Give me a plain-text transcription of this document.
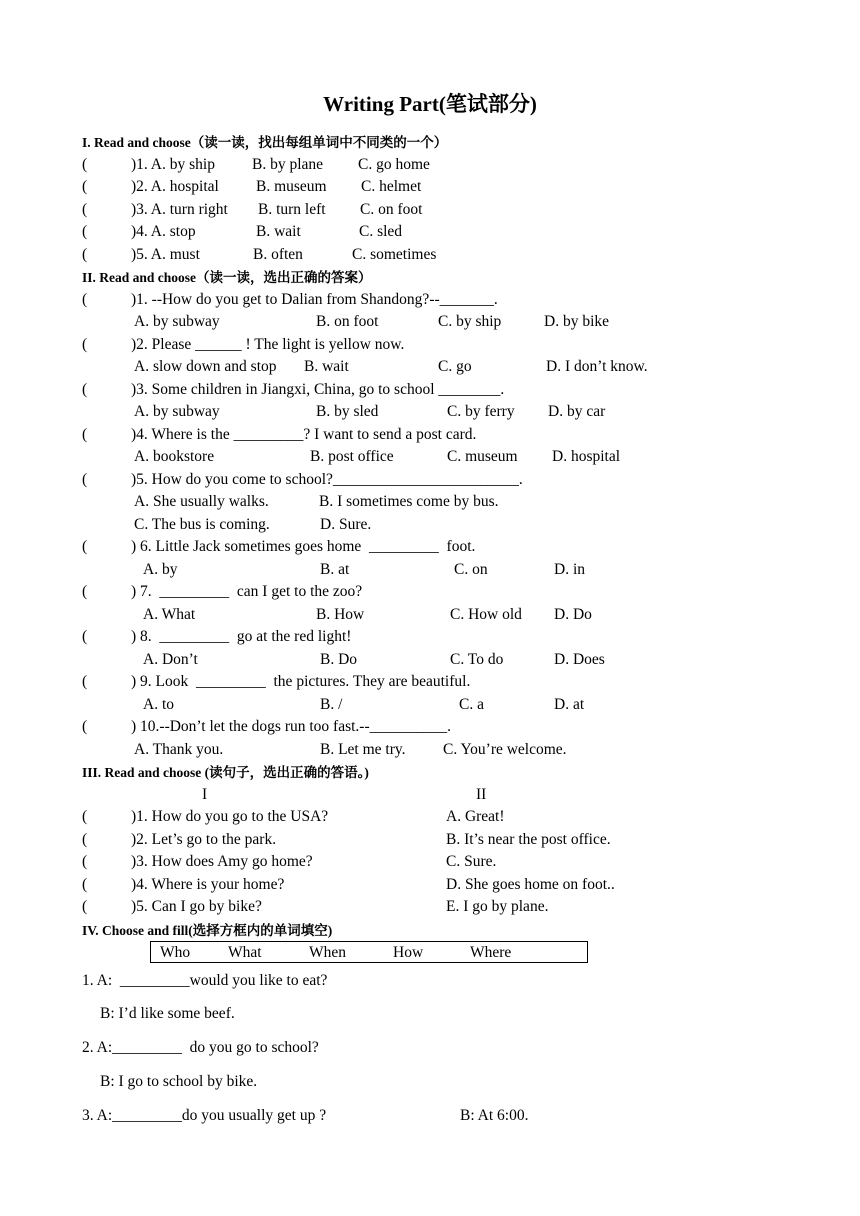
Writing Part(笔试部分)
I. Read and choose（读一读，找出每组单词中不同类的一个）
II. Read and choose（读一读，选出正确的答案）
III. Read and choose (读句子，选出正确的答语。)
IV. Choose and fill(选择方框内的单词填空)
Who What	When	How	Where
(	)1. A. by ship B. by plane C. go home
(	)2. A. hospital B. museum C. helmet
(	)3. A. turn right B. turn left C. on foot
(	)4. A. stop	B. wait	C. sled
(	)5. A. must	B. often	C. sometimes
(	)1. --How do you get to Dalian from Shandong?--_______.
A. by subway	B. on foot	C. by ship	D. by bike
(	)2. Please ______ ! The light is yellow now.
A. slow down and stop B. wait	C. go	D. I don’t know.
(	)3. Some children in Jiangxi, China, go to school ________.
A. by subway	B. by sled	C. by ferry D. by car
(	)4. Where is the _________? I want to send a post card.
A. bookstore	B. post office	C. museum D. hospital
(	)5. How do you come to school?________________________.
A. She usually walks.	B. I sometimes come by bus.
C. The bus is coming.	D. Sure.
(	) 6. Little Jack sometimes goes home  _________  foot.
A. by	B. at	C. on	D. in
(	) 7.  _________  can I get to the zoo?
A. What	B. How	C. How old D. Do
(	) 8.  _________  go at the red light!
A. Don’t	B. Do	C. To do	D. Does
(	) 9. Look  _________  the pictures. They are beautiful.
A. to	B. /	C. a	D. at
(	) 10.--Don’t let the dogs run too fast.--__________.
A. Thank you.	B. Let me try. C. You’re welcome.
I	II
(	)1. How do you go to the USA?	A. Great!
(	)2. Let’s go to the park.	B. It’s near the post office.
(	)3. How does Amy go home?	C. Sure.
(	)4. Where is your home?	D. She goes home on foot..
(	)5. Can I go by bike?	E. I go by plane.
1. A:  _________would you like to eat?
B: I’d like some beef.
2. A:_________  do you go to school?
B: I go to school by bike.
3. A:_________do you usually get up ?	B: At 6:00.
